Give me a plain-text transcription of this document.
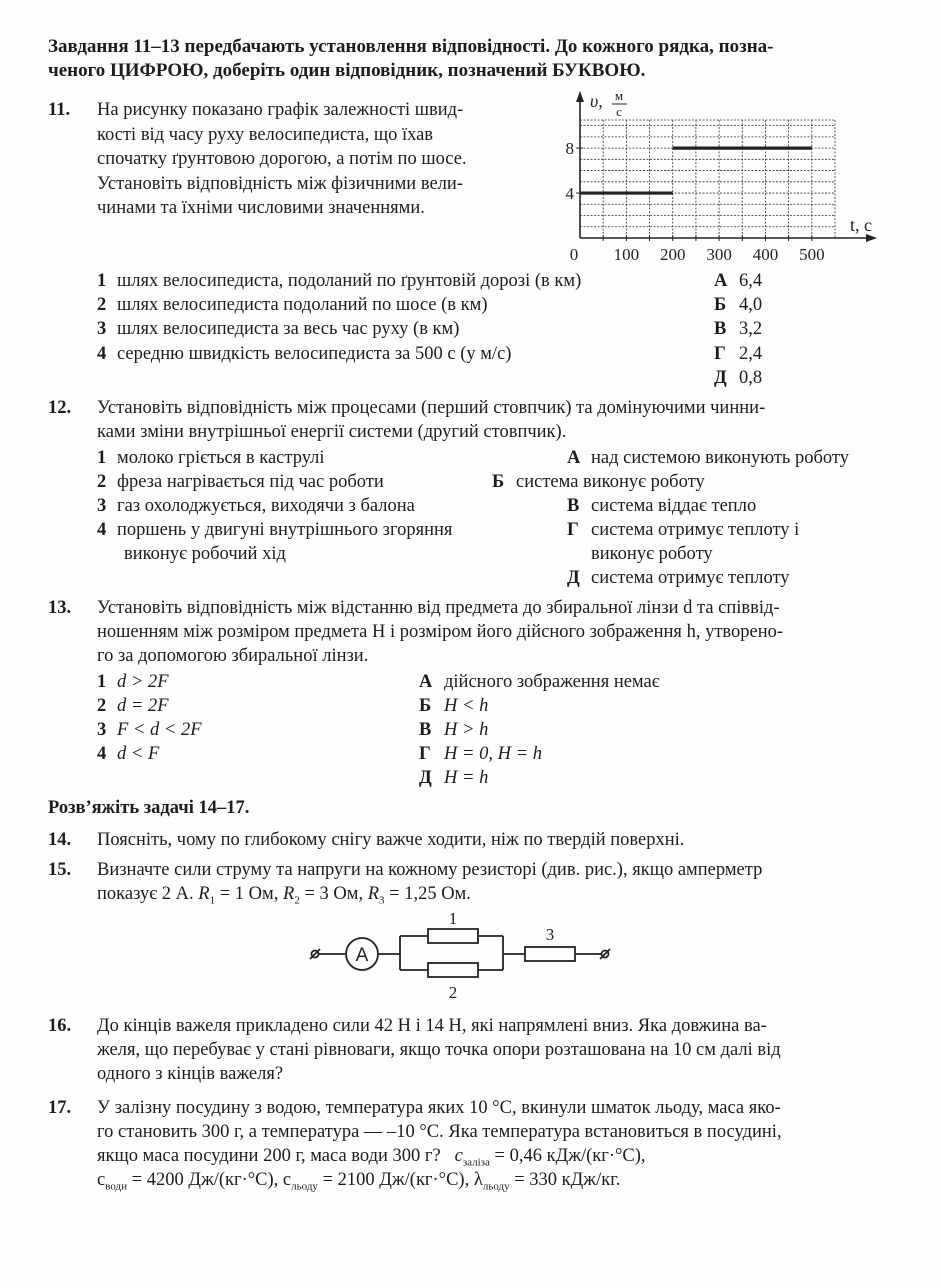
Завдання 11–13 передбачають установлення відповідності. До кожного рядка, позна-
ченого ЦИФРОЮ, доберіть один відповідник, позначений БУКВОЮ.
11. На рисунку показано графік залежності швид-
кості від часу руху велосипедиста, що їхав
спочатку ґрунтовою дорогою, а потім по шосе.
Установіть відповідність між фізичними вели-
чинами та їхніми числовими значеннями.
0 100 200 300 400 500
4
8
υ, м
с
t, с
1 шлях велосипедиста, подоланий по ґрунтовій дорозі (в км)
2 шлях велосипедиста подоланий по шосе (в км)
3 шлях велосипедиста за весь час руху (в км)
4 середню швидкість велосипедиста за 500 с (у м/с)
А 6,4
Б 4,0
В 3,2
Г 2,4
Д 0,8
12. Установіть відповідність між процесами (перший стовпчик) та домінуючими чинни-
ками зміни внутрішньої енергії системи (другий стовпчик).
1 молоко гріється в каструлі
2 фреза нагрівається під час роботи
3 газ охолоджується, виходячи з балона
4 поршень у двигуні внутрішнього згоряння
виконує робочий хід
А над системою виконують роботу
Б система виконує роботу
В система віддає тепло
Г система отримує теплоту і
виконує роботу
Д система отримує теплоту
13. Установіть відповідність між відстанню від предмета до збиральної лінзи d та співвід-
ношенням між розміром предмета H і розміром його дійсного зображення h, утворено-
го за допомогою збиральної лінзи.
1 d > 2F
2 d = 2F
3 F < d < 2F
4 d < F
А дійсного зображення немає
Б H < h
В H > h
Г H = 0, H = h
Д H = h
Розв’яжіть задачі 14–17.
14. Поясніть, чому по глибокому снігу важче ходити, ніж по твердій поверхні.
15. Визначте сили струму та напруги на кожному резисторі (див. рис.), якщо амперметр
показує 2 А. $R_1 = 1$ Ом, $R_2 = 3$ Ом, $R_3 = 1,25$ Ом.
A
1
2
3
16. До кінців важеля прикладено сили 42 Н і 14 Н, які напрямлені вниз. Яка довжина ва-
желя, що перебуває у стані рівноваги, якщо точка опори розташована на 10 см далі від
одного з кінців важеля?
17. У залізну посудину з водою, температура яких 10 °С, вкинули шматок льоду, маса яко-
го становить 300 г, а температура — –10 °С. Яка температура встановиться в посудині,
якщо маса посудини 200 г, маса води 300 г? $c_{заліза} = 0,46$ кДж/(кг·°С),
$с_{води} = 4200$ Дж/(кг·°С), $с_{льоду} = 2100$ Дж/(кг·°С), $\lambda_{льоду} = 330$ кДж/кг.
